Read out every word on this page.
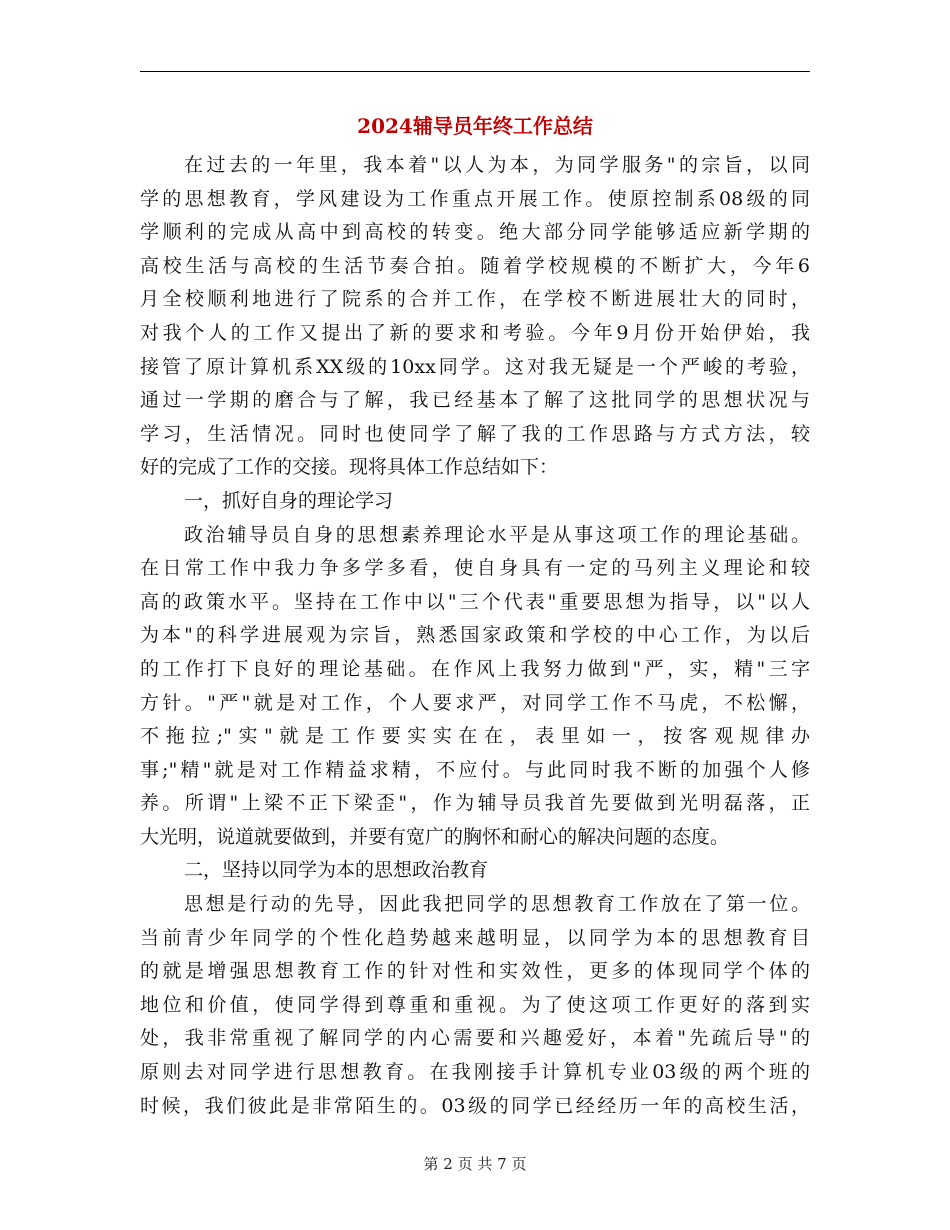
2024辅导员年终工作总结
在过去的一年里，我本着"以人为本，为同学服务"的宗旨，以同
学的思想教育，学风建设为工作重点开展工作。使原控制系08级的同
学顺利的完成从高中到高校的转变。绝大部分同学能够适应新学期的
高校生活与高校的生活节奏合拍。随着学校规模的不断扩大，今年6
月全校顺利地进行了院系的合并工作，在学校不断进展壮大的同时，
对我个人的工作又提出了新的要求和考验。今年9月份开始伊始，我
接管了原计算机系XX级的10xx同学。这对我无疑是一个严峻的考验，
通过一学期的磨合与了解，我已经基本了解了这批同学的思想状况与
学习，生活情况。同时也使同学了解了我的工作思路与方式方法，较
好的完成了工作的交接。现将具体工作总结如下：
一，抓好自身的理论学习
政治辅导员自身的思想素养理论水平是从事这项工作的理论基础。
在日常工作中我力争多学多看，使自身具有一定的马列主义理论和较
高的政策水平。坚持在工作中以"三个代表"重要思想为指导，以"以人
为本"的科学进展观为宗旨，熟悉国家政策和学校的中心工作，为以后
的工作打下良好的理论基础。在作风上我努力做到"严，实，精"三字
方针。"严"就是对工作，个人要求严，对同学工作不马虎，不松懈，
不拖拉;"实"就是工作要实实在在，表里如一，按客观规律办
事;"精"就是对工作精益求精，不应付。与此同时我不断的加强个人修
养。所谓"上梁不正下梁歪"，作为辅导员我首先要做到光明磊落，正
大光明，说道就要做到，并要有宽广的胸怀和耐心的解决问题的态度。
二，坚持以同学为本的思想政治教育
思想是行动的先导，因此我把同学的思想教育工作放在了第一位。
当前青少年同学的个性化趋势越来越明显，以同学为本的思想教育目
的就是增强思想教育工作的针对性和实效性，更多的体现同学个体的
地位和价值，使同学得到尊重和重视。为了使这项工作更好的落到实
处，我非常重视了解同学的内心需要和兴趣爱好，本着"先疏后导"的
原则去对同学进行思想教育。在我刚接手计算机专业03级的两个班的
时候，我们彼此是非常陌生的。03级的同学已经经历一年的高校生活，
第 2 页 共 7 页
